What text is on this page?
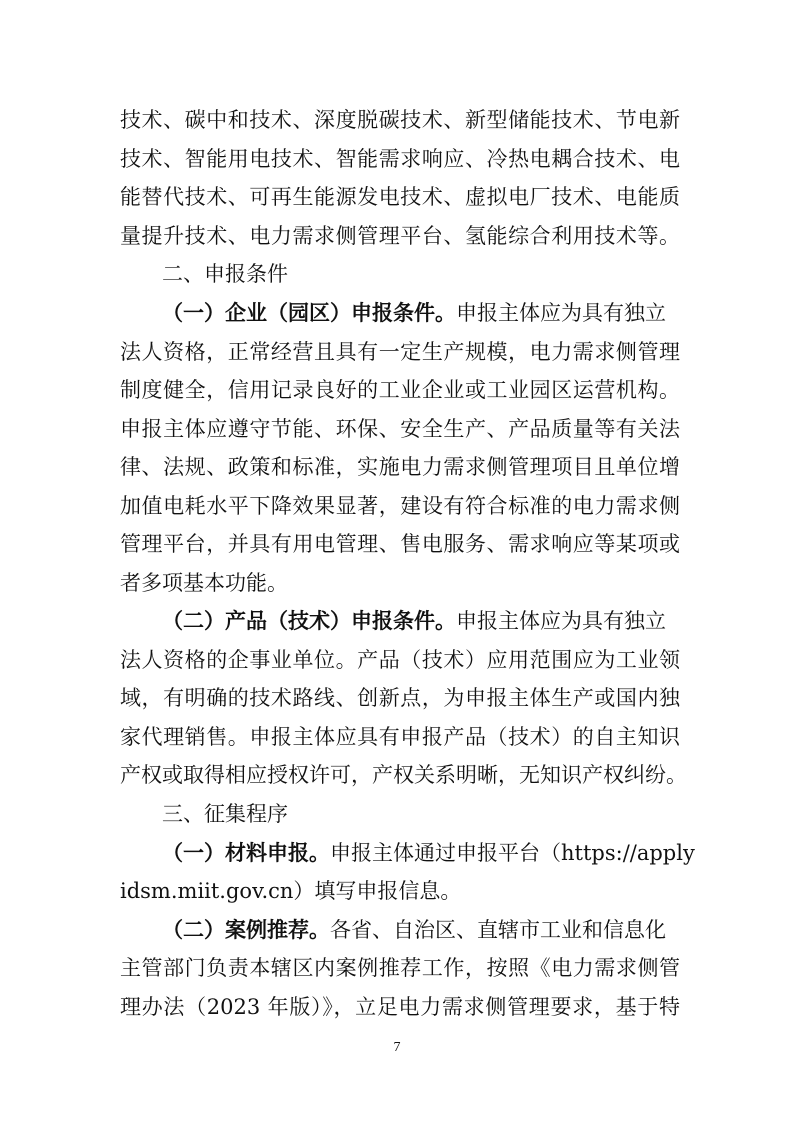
技术、碳中和技术、深度脱碳技术、新型储能技术、节电新
技术、智能用电技术、智能需求响应、冷热电耦合技术、电
能替代技术、可再生能源发电技术、虚拟电厂技术、电能质
量提升技术、电力需求侧管理平台、氢能综合利用技术等。
二、申报条件
（一）企业（园区）申报条件。申报主体应为具有独立
法人资格，正常经营且具有一定生产规模，电力需求侧管理
制度健全，信用记录良好的工业企业或工业园区运营机构。
申报主体应遵守节能、环保、安全生产、产品质量等有关法
律、法规、政策和标准，实施电力需求侧管理项目且单位增
加值电耗水平下降效果显著，建设有符合标准的电力需求侧
管理平台，并具有用电管理、售电服务、需求响应等某项或
者多项基本功能。
（二）产品（技术）申报条件。申报主体应为具有独立
法人资格的企事业单位。产品（技术）应用范围应为工业领
域，有明确的技术路线、创新点，为申报主体生产或国内独
家代理销售。申报主体应具有申报产品（技术）的自主知识
产权或取得相应授权许可，产权关系明晰，无知识产权纠纷。
三、征集程序
（一）材料申报。申报主体通过申报平台（https://apply
idsm.miit.gov.cn）填写申报信息。
（二）案例推荐。各省、自治区、直辖市工业和信息化
主管部门负责本辖区内案例推荐工作，按照《电力需求侧管
理办法（2023 年版）》，立足电力需求侧管理要求，基于特
7
